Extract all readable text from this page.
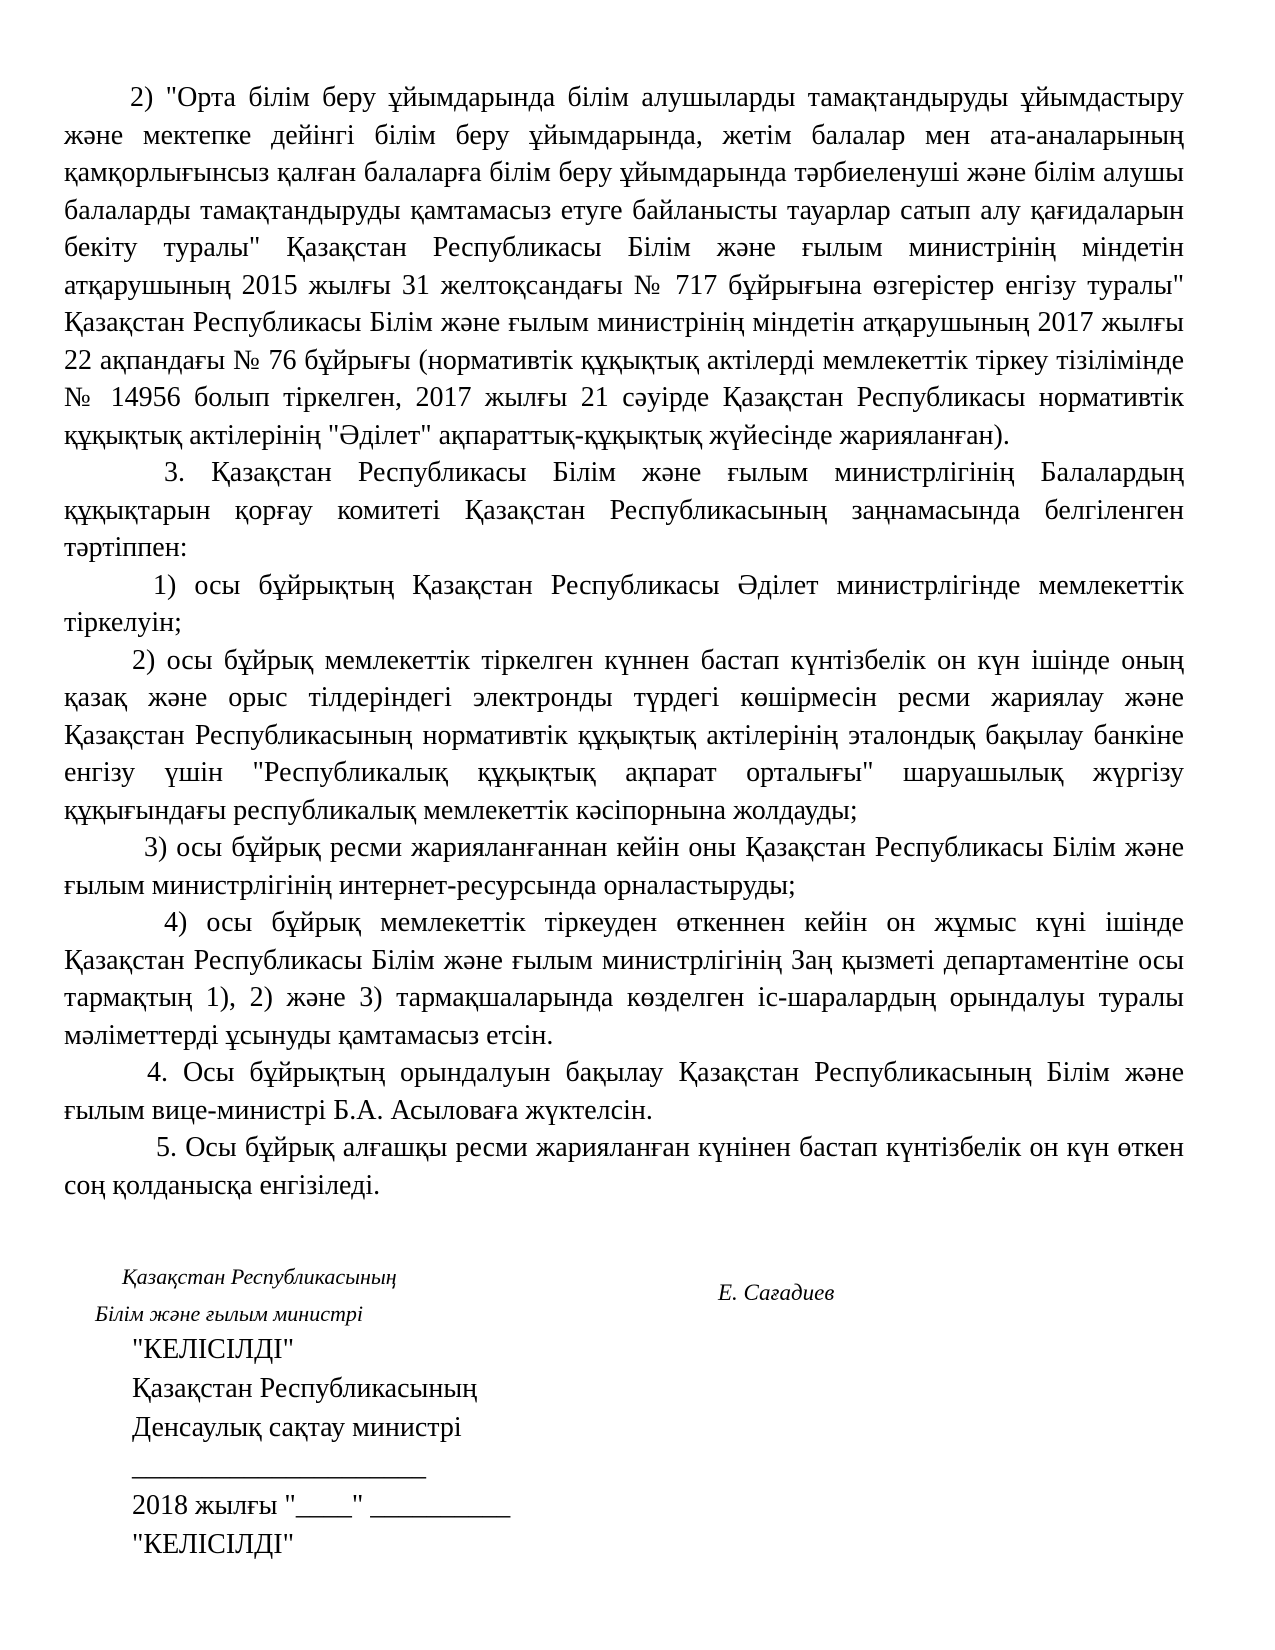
2) "Орта білім беру ұйымдарында білім алушыларды тамақтандыруды ұйымдастыру және мектепке дейінгі білім беру ұйымдарында, жетім балалар мен ата-аналарының қамқорлығынсыз қалған балаларға білім беру ұйымдарында тәрбиеленуші және білім алушы балаларды тамақтандыруды қамтамасыз етуге байланысты тауарлар сатып алу қағидаларын бекіту туралы" Қазақстан Республикасы Білім және ғылым министрінің міндетін атқарушының 2015 жылғы 31 желтоқсандағы № 717 бұйрығына өзгерістер енгізу туралы" Қазақстан Республикасы Білім және ғылым министрінің міндетін атқарушының 2017 жылғы 22 ақпандағы № 76 бұйрығы (нормативтік құқықтық актілерді мемлекеттік тіркеу тізілімінде № 14956 болып тіркелген, 2017 жылғы 21 сәуірде Қазақстан Республикасы нормативтік құқықтық актілерінің "Әділет" ақпараттық-құқықтық жүйесінде жарияланған).

3. Қазақстан Республикасы Білім және ғылым министрлігінің Балалардың құқықтарын қорғау комитеті Қазақстан Республикасының заңнамасында белгіленген тәртіппен:

1) осы бұйрықтың Қазақстан Республикасы Әділет министрлігінде мемлекеттік тіркелуін;

2) осы бұйрық мемлекеттік тіркелген күннен бастап күнтізбелік он күн ішінде оның қазақ және орыс тілдеріндегі электронды түрдегі көшірмесін ресми жариялау және Қазақстан Республикасының нормативтік құқықтық актілерінің эталондық бақылау банкіне енгізу үшін "Республикалық құқықтық ақпарат орталығы" шаруашылық жүргізу құқығындағы республикалық мемлекеттік кәсіпорнына жолдауды;

3) осы бұйрық ресми жарияланғаннан кейін оны Қазақстан Республикасы Білім және ғылым министрлігінің интернет-ресурсында орналастыруды;

4) осы бұйрық мемлекеттік тіркеуден өткеннен кейін он жұмыс күні ішінде Қазақстан Республикасы Білім және ғылым министрлігінің Заң қызметі департаментіне осы тармақтың 1), 2) және 3) тармақшаларында көзделген іс-шаралардың орындалуы туралы мәліметтерді ұсынуды қамтамасыз етсін.

4. Осы бұйрықтың орындалуын бақылау Қазақстан Республикасының Білім және ғылым вице-министрі Б.А. Асыловаға жүктелсін.

5. Осы бұйрық алғашқы ресми жарияланған күнінен бастап күнтізбелік он күн өткен соң қолданысқа енгізіледі.

Қазақстан Республикасының
Білім және ғылым министрі
Е. Сағадиев
"КЕЛІСІЛДІ"
Қазақстан Республикасының
Денсаулық сақтау министрі
_____________________
2018 жылғы "____" __________
"КЕЛІСІЛДІ"
